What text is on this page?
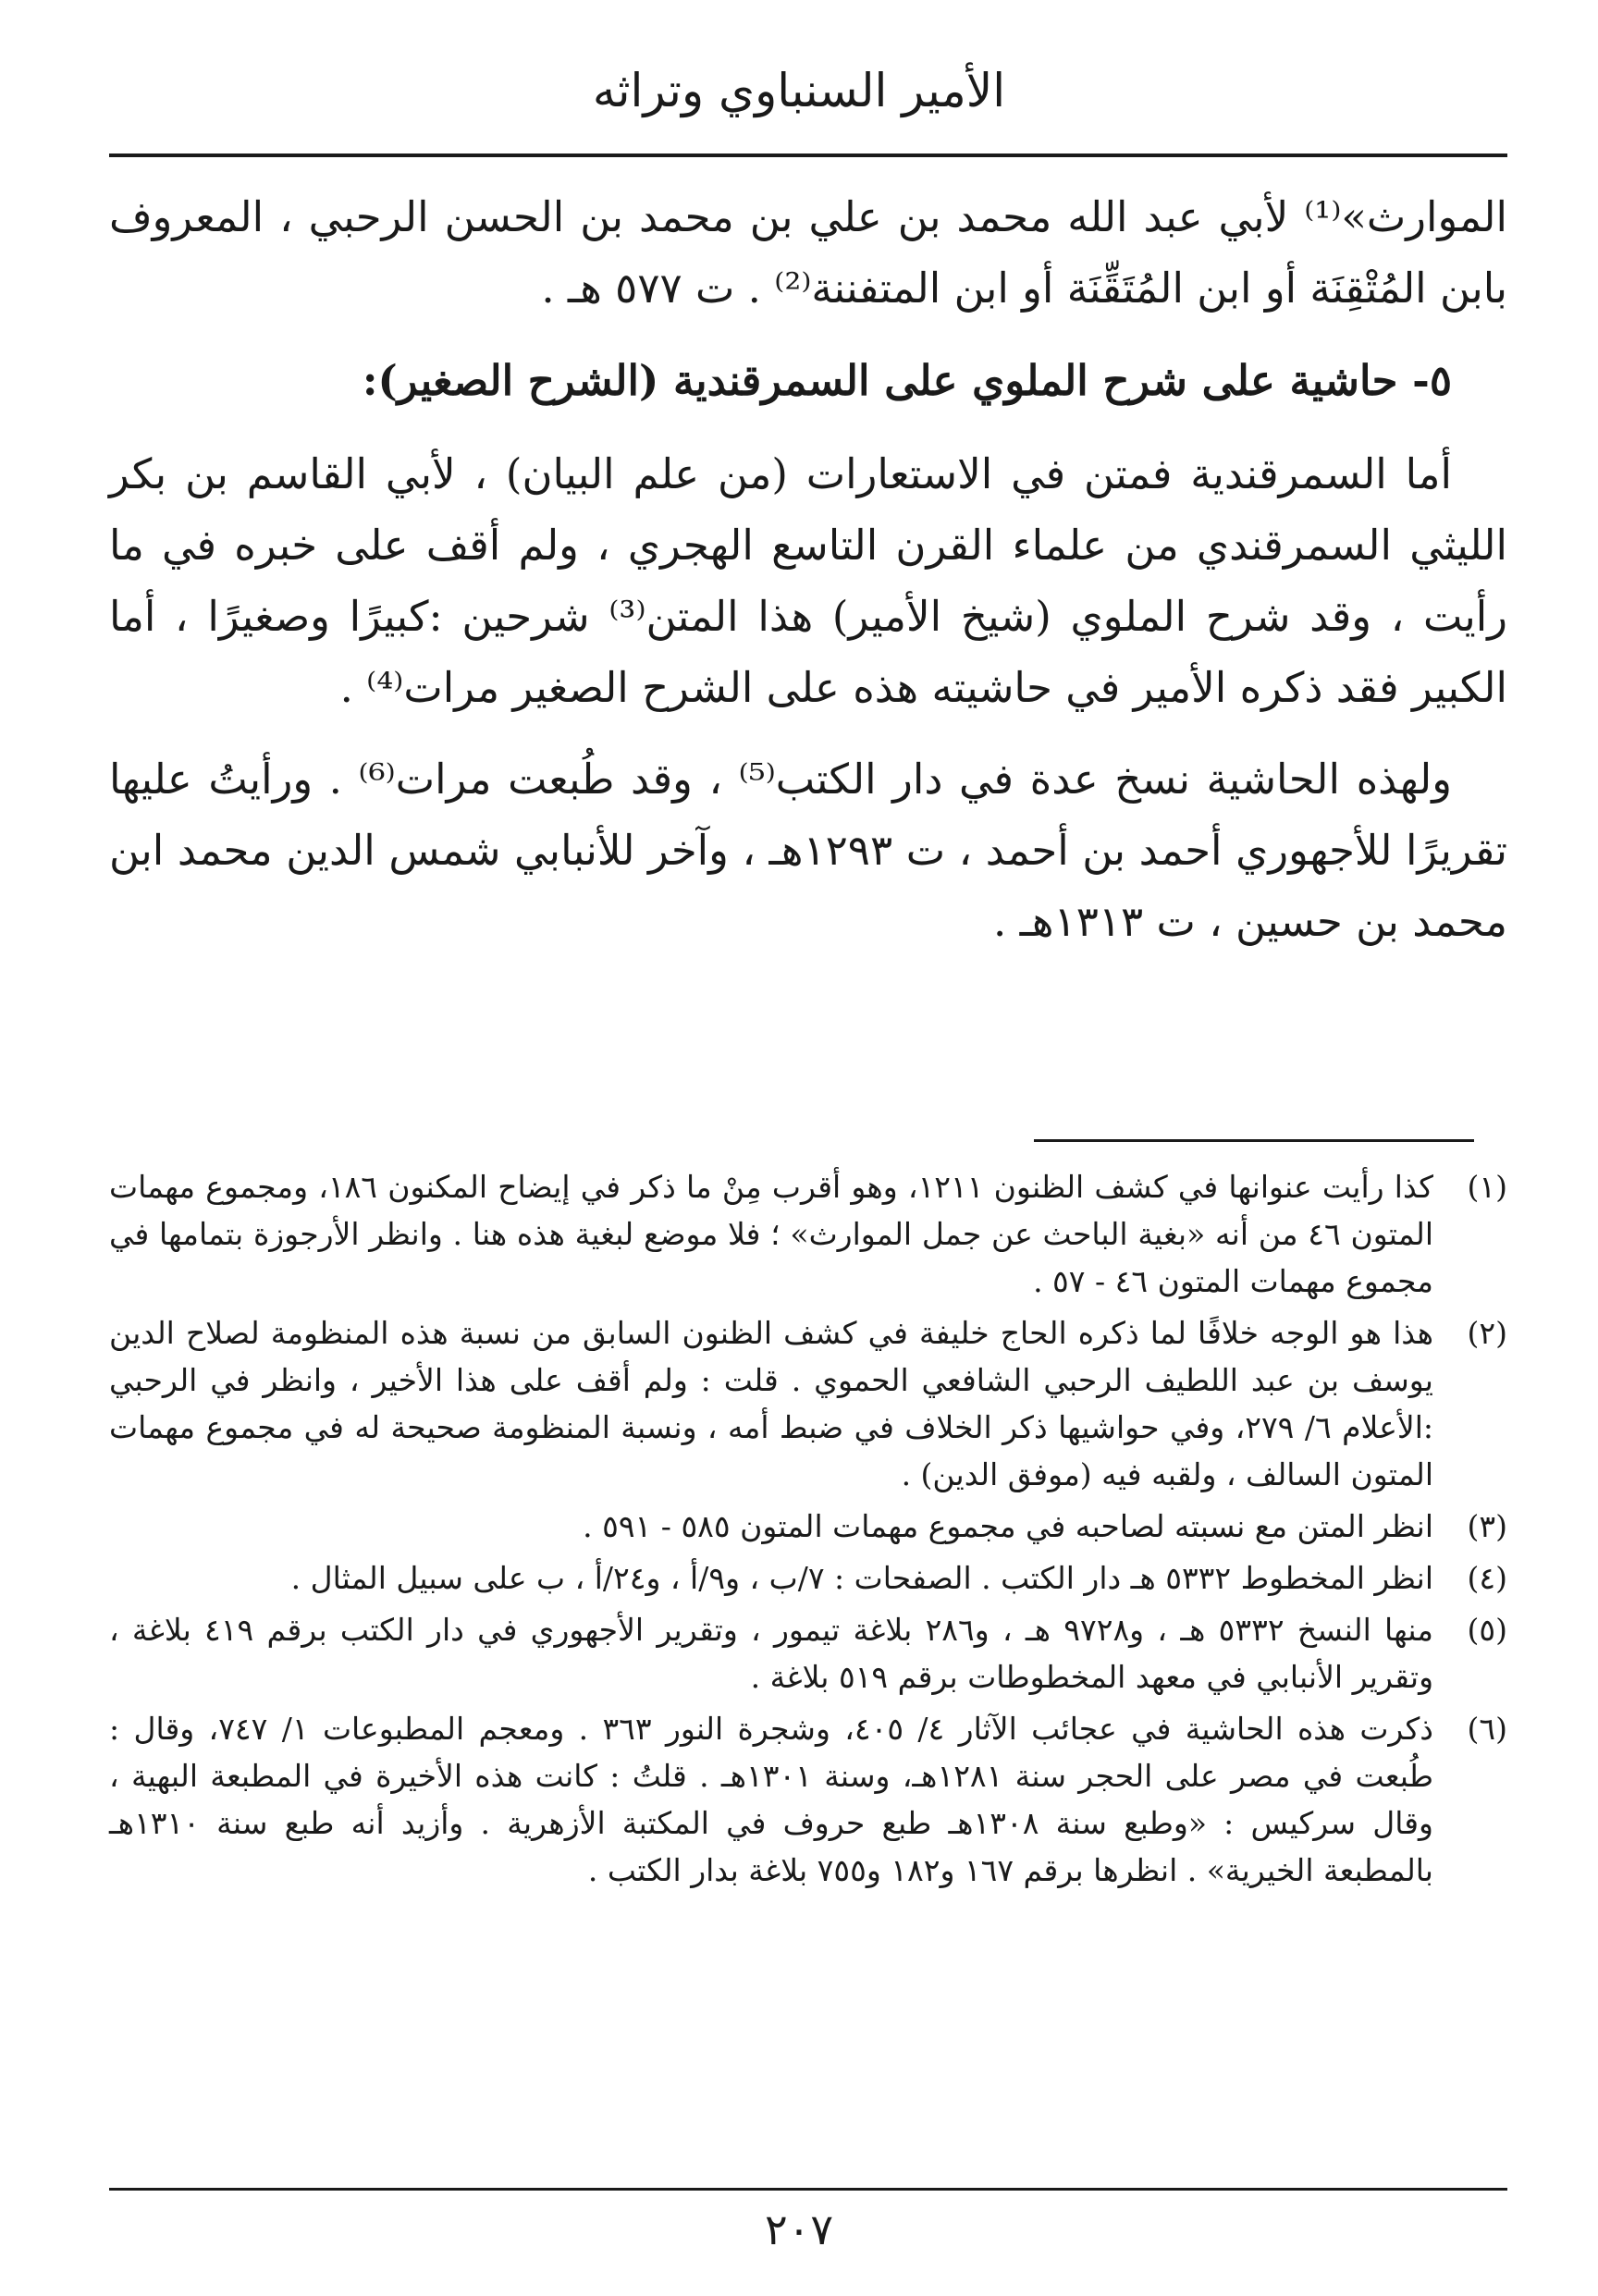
الأمير السنباوي وتراثه

الموارث»⁽¹⁾ لأبي عبد الله محمد بن علي بن محمد بن الحسن الرحبي ، المعروف بابن المُتْقِنَة أو ابن المُتَقِّنَة أو ابن المتفننة⁽²⁾ . ت ٥٧٧ هـ .

٥- حاشية على شرح الملوي على السمرقندية (الشرح الصغير):

أما السمرقندية فمتن في الاستعارات (من علم البيان) ، لأبي القاسم بن بكر الليثي السمرقندي من علماء القرن التاسع الهجري ، ولم أقف على خبره في ما رأيت ، وقد شرح الملوي (شيخ الأمير) هذا المتن⁽³⁾ شرحين :كبيرًا وصغيرًا ، أما الكبير فقد ذكره الأمير في حاشيته هذه على الشرح الصغير مرات⁽⁴⁾ .

ولهذه الحاشية نسخ عدة في دار الكتب⁽⁵⁾ ، وقد طُبعت مرات⁽⁶⁾ . ورأيتُ عليها تقريرًا للأجهوري أحمد بن أحمد ، ت ١٢٩٣هـ ، وآخر للأنبابي شمس الدين محمد ابن محمد بن حسين ، ت ١٣١٣هـ .

(١)
كذا رأيت عنوانها في كشف الظنون ١٢١١، وهو أقرب مِنْ ما ذكر في إيضاح المكنون ١٨٦، ومجموع مهمات المتون ٤٦ من أنه «بغية الباحث عن جمل الموارث» ؛ فلا موضع لبغية هذه هنا . وانظر الأرجوزة بتمامها في مجموع مهمات المتون ٤٦ - ٥٧ .
(٢)
هذا هو الوجه خلافًا لما ذكره الحاج خليفة في كشف الظنون السابق من نسبة هذه المنظومة لصلاح الدين يوسف بن عبد اللطيف الرحبي الشافعي الحموي . قلت : ولم أقف على هذا الأخير ، وانظر في الرحبي :الأعلام ٦/ ٢٧٩، وفي حواشيها ذكر الخلاف في ضبط أمه ، ونسبة المنظومة صحيحة له في مجموع مهمات المتون السالف ، ولقبه فيه (موفق الدين) .
(٣)
انظر المتن مع نسبته لصاحبه في مجموع مهمات المتون ٥٨٥ - ٥٩١ .
(٤)
انظر المخطوط ٥٣٣٢ هـ دار الكتب . الصفحات : ٧/ب ، و٩/أ ، و٢٤/أ ، ب على سبيل المثال .
(٥)
منها النسخ ٥٣٣٢ هـ ، و٩٧٢٨ هـ ، و٢٨٦ بلاغة تيمور ، وتقرير الأجهوري في دار الكتب برقم ٤١٩ بلاغة ، وتقرير الأنبابي في معهد المخطوطات برقم ٥١٩ بلاغة .
(٦)
ذكرت هذه الحاشية في عجائب الآثار ٤/ ٤٠٥، وشجرة النور ٣٦٣ . ومعجم المطبوعات ١/ ٧٤٧، وقال : طُبعت في مصر على الحجر سنة ١٢٨١هـ، وسنة ١٣٠١هـ . قلتُ : كانت هذه الأخيرة في المطبعة البهية ، وقال سركيس : «وطبع سنة ١٣٠٨هـ طبع حروف في المكتبة الأزهرية . وأزيد أنه طبع سنة ١٣١٠هـ بالمطبعة الخيرية» . انظرها برقم ١٦٧ و١٨٢ و٧٥٥ بلاغة بدار الكتب .
٢٠٧
